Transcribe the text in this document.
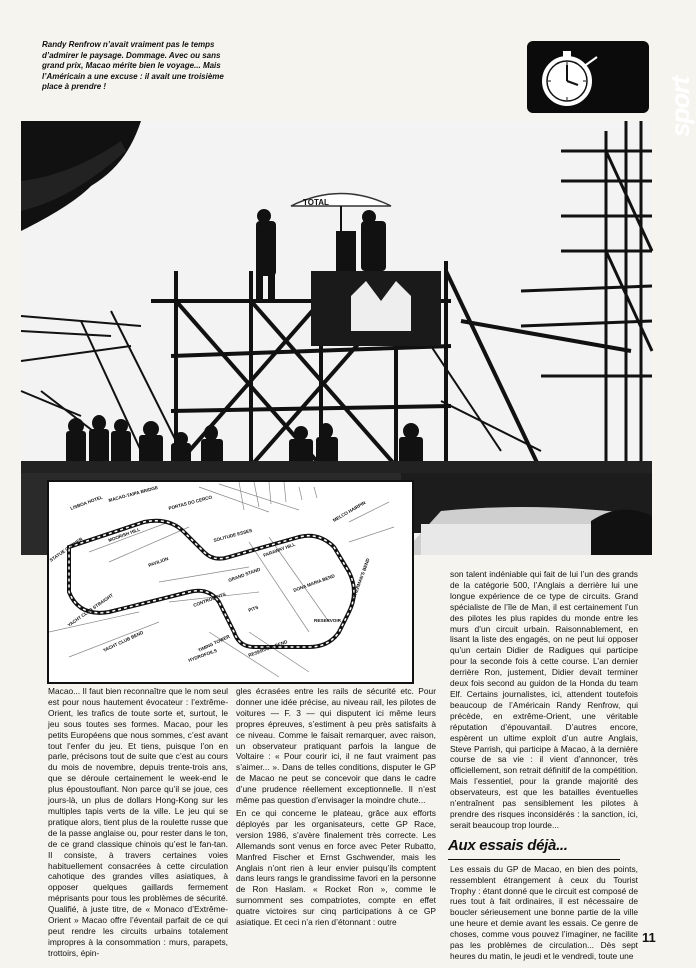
Randy Renfrow n’avait vraiment pas le temps d’admirer le paysage. Dommage. Avec ou sans grand prix, Macao mérite bien le voyage... Mais l’Américain a une excuse : il avait une troisième place à prendre !	sport
TOTAL
LISBOA HOTEL MACAO-TAIPA BRIDGE PORTAS DO CERCO
STATUE CORNER
YACHT CLUB STRAIGHT
YACHT CLUB BEND
CONTROL PITS
GRAND STAND
SOLITUDE ESSES
FARAWAY HILL
DONA MARIA BEND
RESERVOIR
FISHERMAN'S BEND
RESERVOIR BEND
HYDROFOILS
MELCO HAIRPIN
PAVILION
MOORISH HILL
TIMING TOWER
PITS

Macao... Il faut bien reconnaître que le nom seul est pour nous hautement évocateur : l’extrême-Orient, les trafics de toute sorte et, surtout, le jeu sous toutes ses formes. Macao, pour les petits Européens que nous sommes, c’est avant tout l’enfer du jeu. Et tiens, puisque l’on en parle, précisons tout de suite que c’est au cours du mois de novembre, depuis trente-trois ans, que se déroule certainement le week-end le plus époustouflant. Non parce qu’il se joue, ces jours-là, un plus de dollars Hong-Kong sur les multiples tapis verts de la ville. Le jeu qui se pratique alors, tient plus de la roulette russe que de la passe anglaise ou, pour rester dans le ton, de ce grand classique chinois qu’est le fan-tan. Il consiste, à travers certaines voies habituellement consacrées à cette circulation cahotique des grandes villes asiatiques, à opposer quelques gaillards fermement méprisants pour tous les problèmes de sécurité. Qualifié, à juste titre, de « Monaco d’Extrême-Orient » Macao offre l’éventail parfait de ce qui peut rendre les circuits urbains totalement impropres à la consommation : murs, parapets, trottoirs, épin-

gles écrasées entre les rails de sécurité etc. Pour donner une idée précise, au niveau rail, les pilotes de voitures — F. 3 — qui disputent ici même leurs propres épreuves, s’estiment à peu près satisfaits à ce niveau. Comme le faisait remarquer, avec raison, un observateur pratiquant parfois la langue de Voltaire : « Pour courir ici, il ne faut vraiment pas s’aimer... ». Dans de telles conditions, disputer le GP de Macao ne peut se concevoir que dans le cadre d’une prudence réellement exceptionnelle. Il n’est même pas question d’envisager la moindre chute...

En ce qui concerne le plateau, grâce aux efforts déployés par les organisateurs, cette GP Race, version 1986, s’avère finalement très correcte. Les Allemands sont venus en force avec Peter Rubatto, Manfred Fischer et Ernst Gschwender, mais les Anglais n’ont rien à leur envier puisqu’ils comptent dans leurs rangs le grandissime favori en la personne de Ron Haslam. « Rocket Ron », comme le surnomment ses compatriotes, compte en effet quatre victoires sur cinq participations à ce GP asiatique. Et ceci n’a rien d’étonnant : outre

son talent indéniable qui fait de lui l’un des grands de la catégorie 500, l’Anglais a derrière lui une longue expérience de ce type de circuits. Grand spécialiste de l’île de Man, il est certainement l’un des pilotes les plus rapides du monde entre les murs d’un circuit urbain. Raisonnablement, en lisant la liste des engagés, on ne peut lui opposer qu’un certain Didier de Radigues qui participe pour la seconde fois à cette course. L’an dernier derrière Ron, justement, Didier devait terminer deux fois second au guidon de la Honda du team Elf. Certains journalistes, ici, attendent toutefois beaucoup de l’Américain Randy Renfrow, qui précède, en extrême-Orient, une véritable réputation d’épouvantail. D’autres encore, espèrent un ultime exploit d’un autre Anglais, Steve Parrish, qui participe à Macao, à la dernière course de sa vie : il vient d’annoncer, très officiellement, son retrait définitif de la compétition. Mais l’essentiel, pour la grande majorité des observateurs, est que les batailles éventuelles n’entraînent pas sensiblement les pilotes à prendre des risques inconsidérés : la sanction, ici, serait beaucoup trop lourde...

Aux essais déjà...

Les essais du GP de Macao, en bien des points, ressemblent étrangement à ceux du Tourist Trophy : étant donné que le circuit est composé de rues tout à fait ordinaires, il est nécessaire de boucler sérieusement une bonne partie de la ville une heure et demie avant les essais. Ce genre de choses, comme vous pouvez l’imaginer, ne facilite pas les problèmes de circulation... Dès sept heures du matin, le jeudi et le vendredi, toute une

11
